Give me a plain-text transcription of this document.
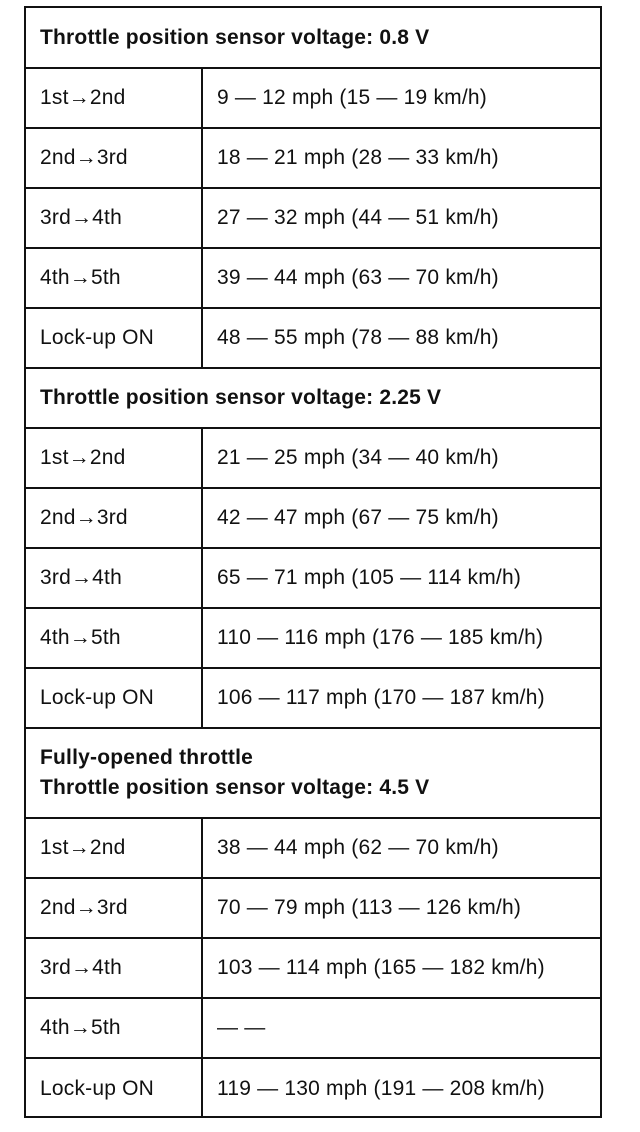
Throttle position sensor voltage: 0.8 V	

1st→2nd	9 — 12 mph (15 — 19 km/h)
2nd→3rd	18 — 21 mph (28 — 33 km/h)
3rd→4th	27 — 32 mph (44 — 51 km/h)
4th→5th	39 — 44 mph (63 — 70 km/h)
Lock-up ON	48 — 55 mph (78 — 88 km/h)

Throttle position sensor voltage: 2.25 V	

1st→2nd	21 — 25 mph (34 — 40 km/h)
2nd→3rd	42 — 47 mph (67 — 75 km/h)
3rd→4th	65 — 71 mph (105 — 114 km/h)
4th→5th	110 — 116 mph (176 — 185 km/h)
Lock-up ON	106 — 117 mph (170 — 187 km/h)

Fully-opened throttle
Throttle position sensor voltage: 4.5 V	

1st→2nd	38 — 44 mph (62 — 70 km/h)
2nd→3rd	70 — 79 mph (113 — 126 km/h)
3rd→4th	103 — 114 mph (165 — 182 km/h)
4th→5th	— —
Lock-up ON	119 — 130 mph (191 — 208 km/h)
